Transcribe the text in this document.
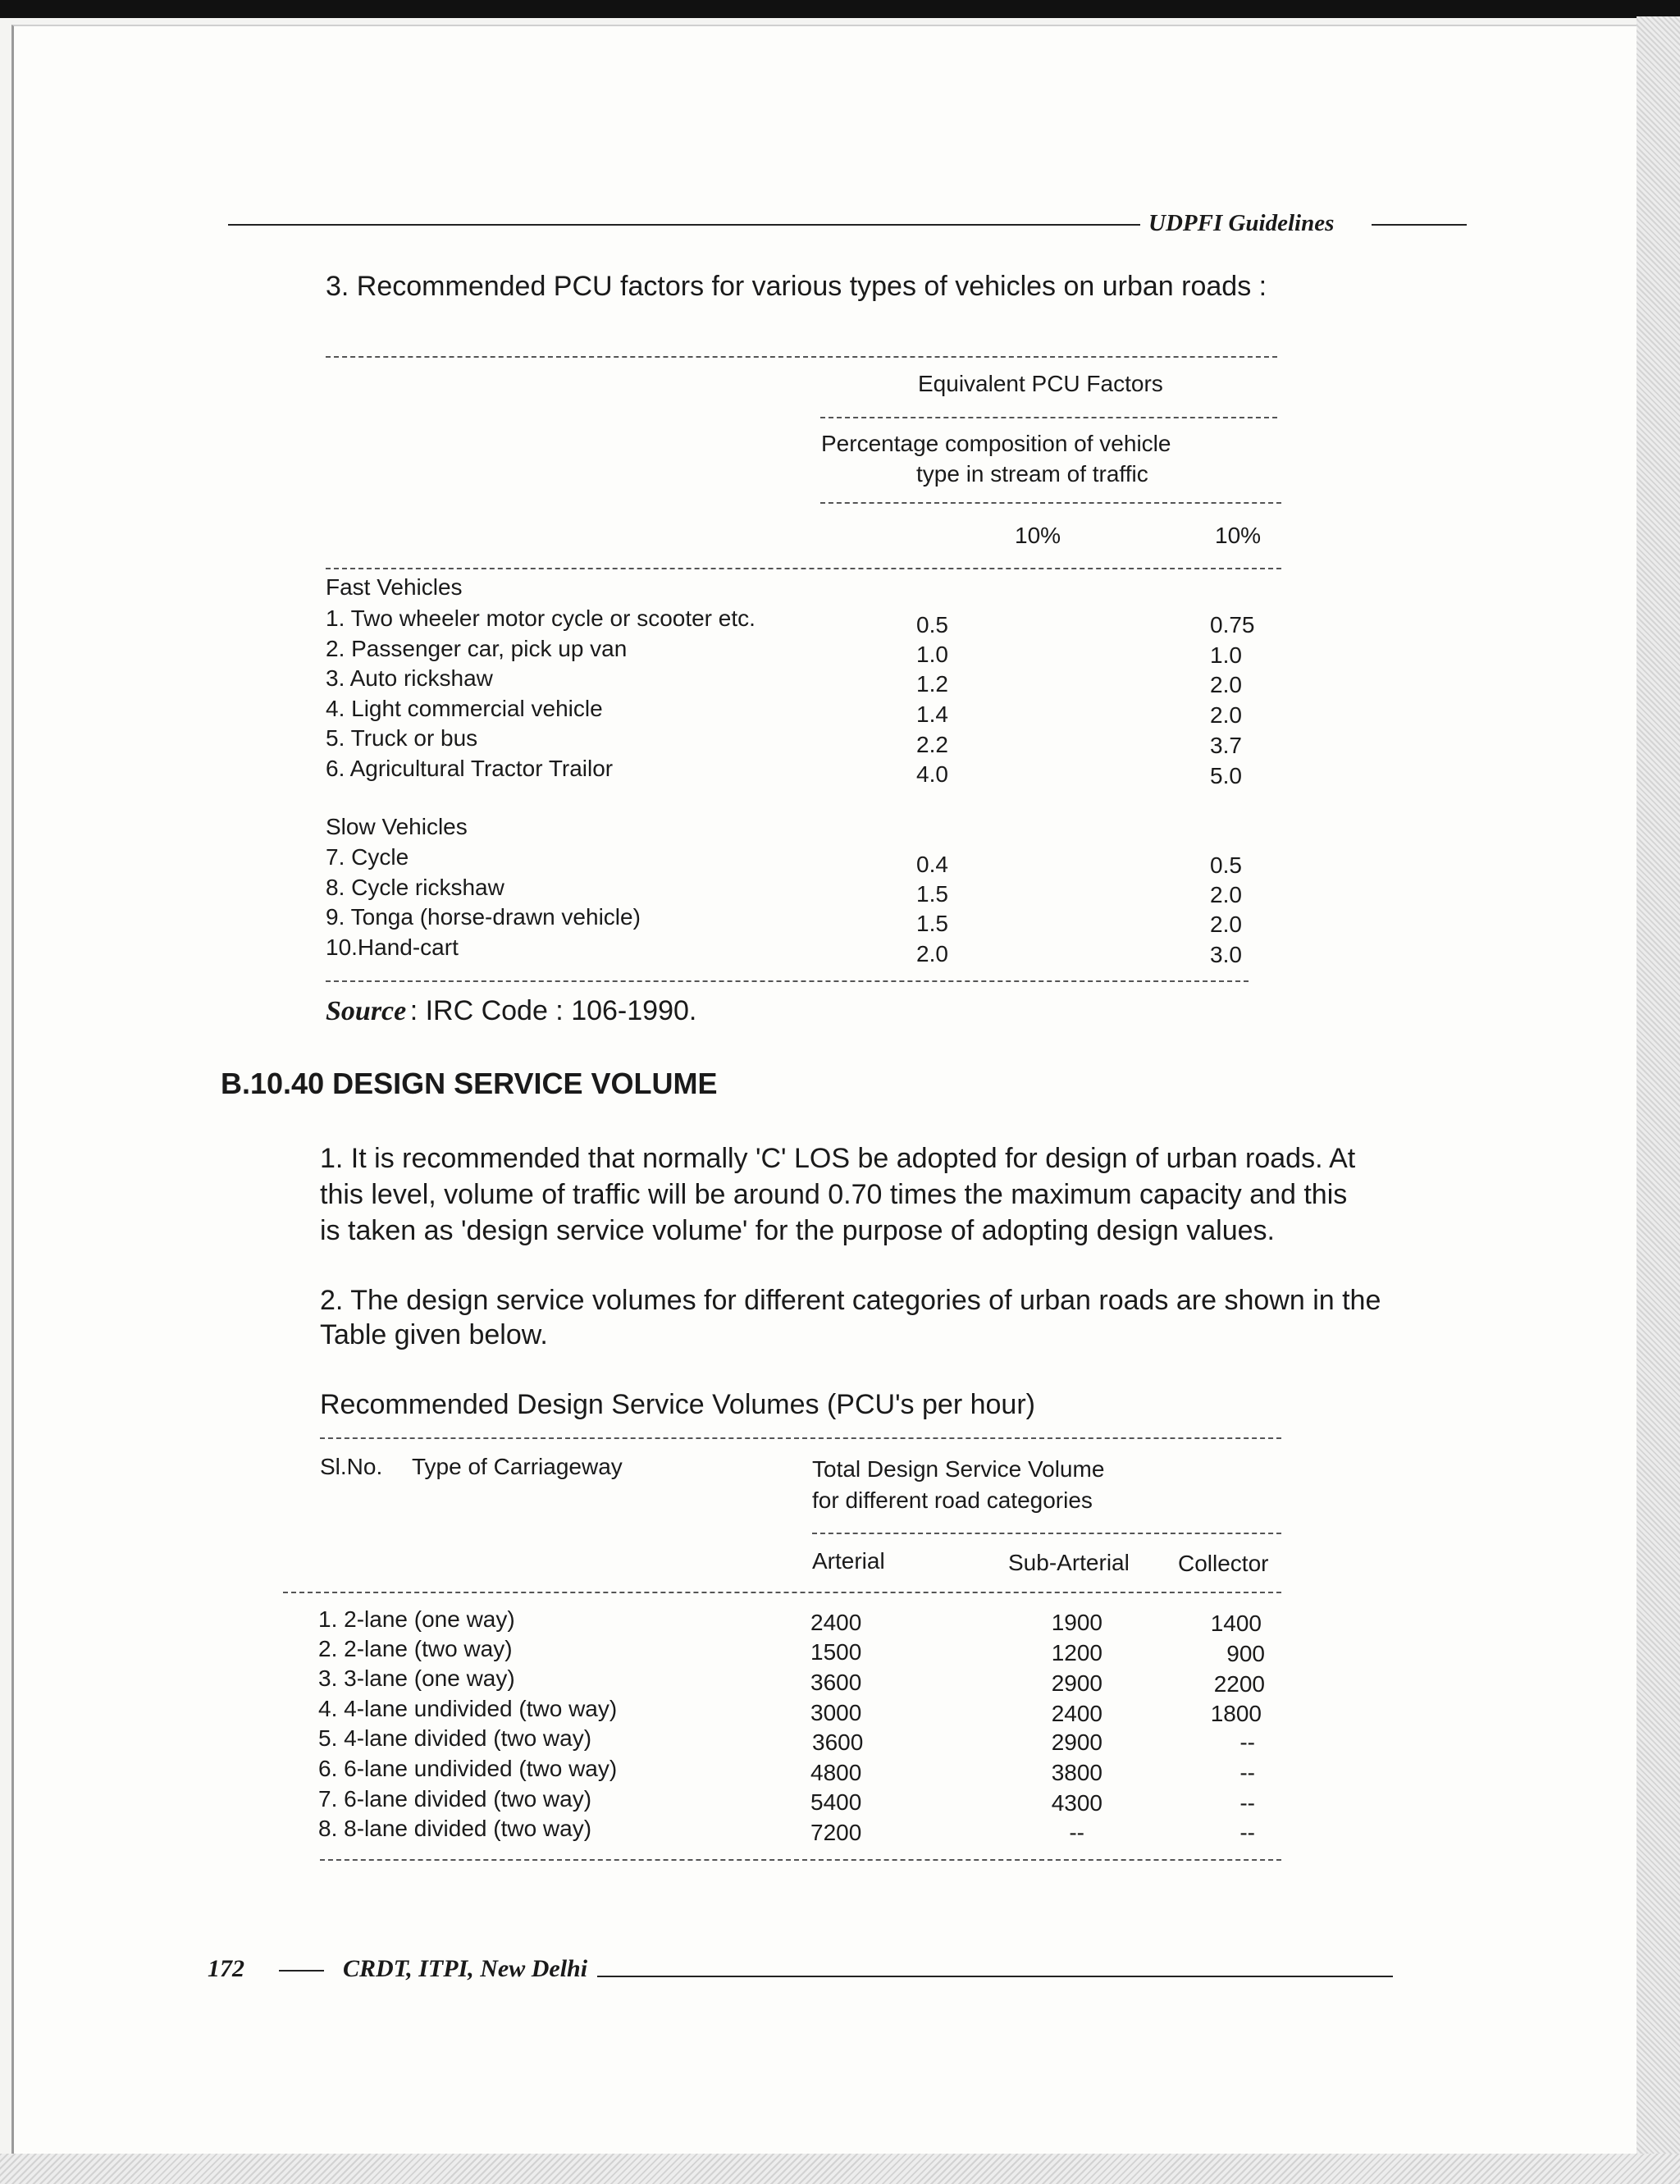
UDPFI Guidelines
3. Recommended PCU factors for various types of vehicles on urban roads :
Equivalent PCU Factors
Percentage composition of vehicle
type in stream of traffic
10%	10%
Fast Vehicles
1. Two wheeler motor cycle or scooter etc.	0.5	0.75
2. Passenger car, pick up van	1.0	1.0
3. Auto rickshaw	1.2	2.0
4. Light commercial vehicle	1.4	2.0
5. Truck or bus	2.2	3.7
6. Agricultural Tractor Trailor	4.0	5.0
Slow Vehicles
7. Cycle	0.4	0.5
8. Cycle rickshaw	1.5	2.0
9. Tonga (horse-drawn vehicle)	1.5	2.0
10.Hand-cart	2.0	3.0
Source : IRC Code : 106-1990.
B.10.40 DESIGN SERVICE VOLUME
1. It is recommended that normally 'C' LOS be adopted for design of urban roads. At
this level, volume of traffic will be around 0.70 times the maximum capacity and this
is taken as 'design service volume' for the purpose of adopting design values.
2. The design service volumes for different categories of urban roads are shown in the
Table given below.
Recommended Design Service Volumes (PCU's per hour)
Sl.No. Type of Carriageway	Total Design Service Volume
for different road categories
Arterial	Sub-Arterial Collector
1. 2-lane (one way)	2400	1900	1400
2. 2-lane (two way)	1500	1200	900
3. 3-lane (one way)	3600	2900	2200
4. 4-lane undivided (two way)	3000	2400	1800
5. 4-lane divided (two way)	3600	2900	--
6. 6-lane undivided (two way)	4800	3800	--
7. 6-lane divided (two way)	5400	4300	--
8. 8-lane divided (two way)	7200	--	--
172	CRDT, ITPI, New Delhi
